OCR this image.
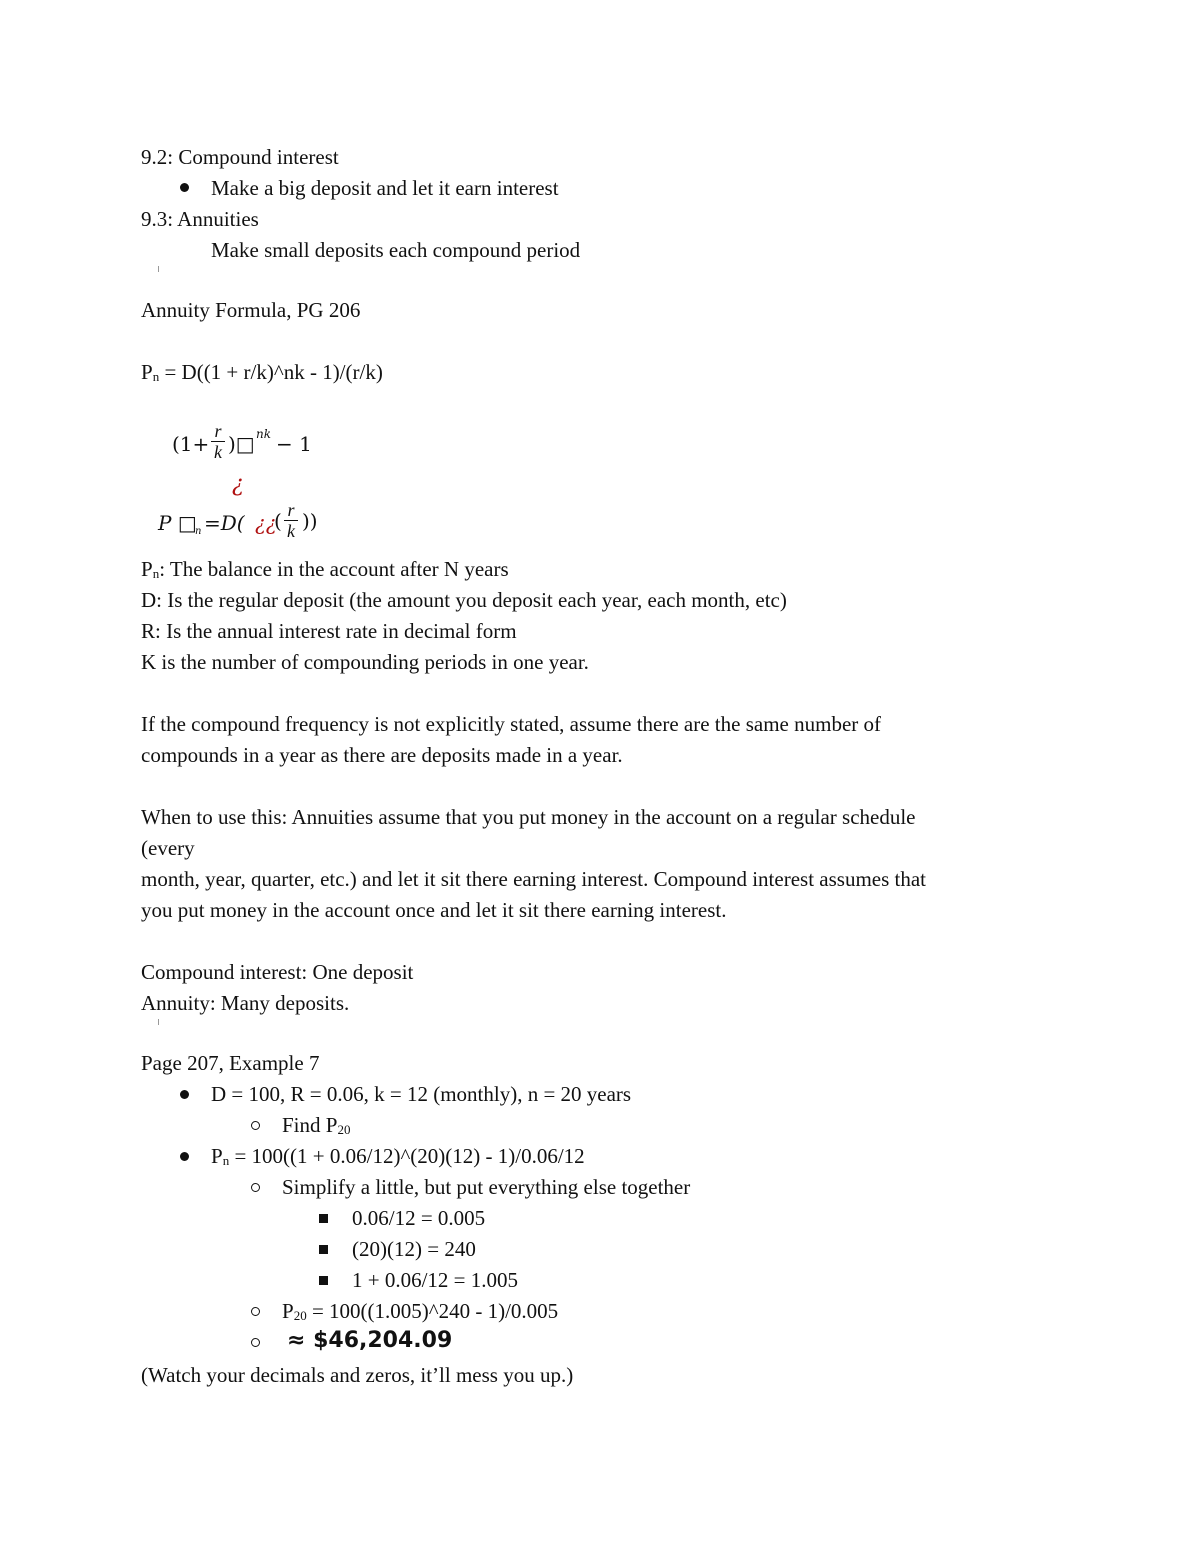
9.2: Compound interest
Make a big deposit and let it earn interest
9.3: Annuities
Make small deposits each compound period
Annuity Formula, PG 206
$P_n = D((1$ + r/k)^nk - 1)/(r/k)
(1+
r
k )□ nk − 1
¿
P □
n =D( ¿¿
( r
k ))
$P_n$: The balance in the account after N years
D: Is the regular deposit (the amount you deposit each year, each month, etc)
R: Is the annual interest rate in decimal form
K is the number of compounding periods in one year.
If the compound frequency is not explicitly stated, assume there are the same number of
compounds in a year as there are deposits made in a year.
When to use this: Annuities assume that you put money in the account on a regular schedule
(every
month, year, quarter, etc.) and let it sit there earning interest. Compound interest assumes that
you put money in the account once and let it sit there earning interest.
Compound interest: One deposit
Annuity: Many deposits.
Page 207, Example 7
D = 100, R = 0.06, k = 12 (monthly), n = 20 years
Find $P_{20}$
$P_n = 100((1$ + 0.06/12)^(20)(12) - 1)/0.06/12
Simplify a little, but put everything else together
0.06/12 = 0.005
(20)(12) = 240
1 + 0.06/12 = 1.005
$P_{20}$ = 100((1.005)^240 - 1)/0.005
≈ $46,204.09
(Watch your decimals and zeros, it’ll mess you up.)
